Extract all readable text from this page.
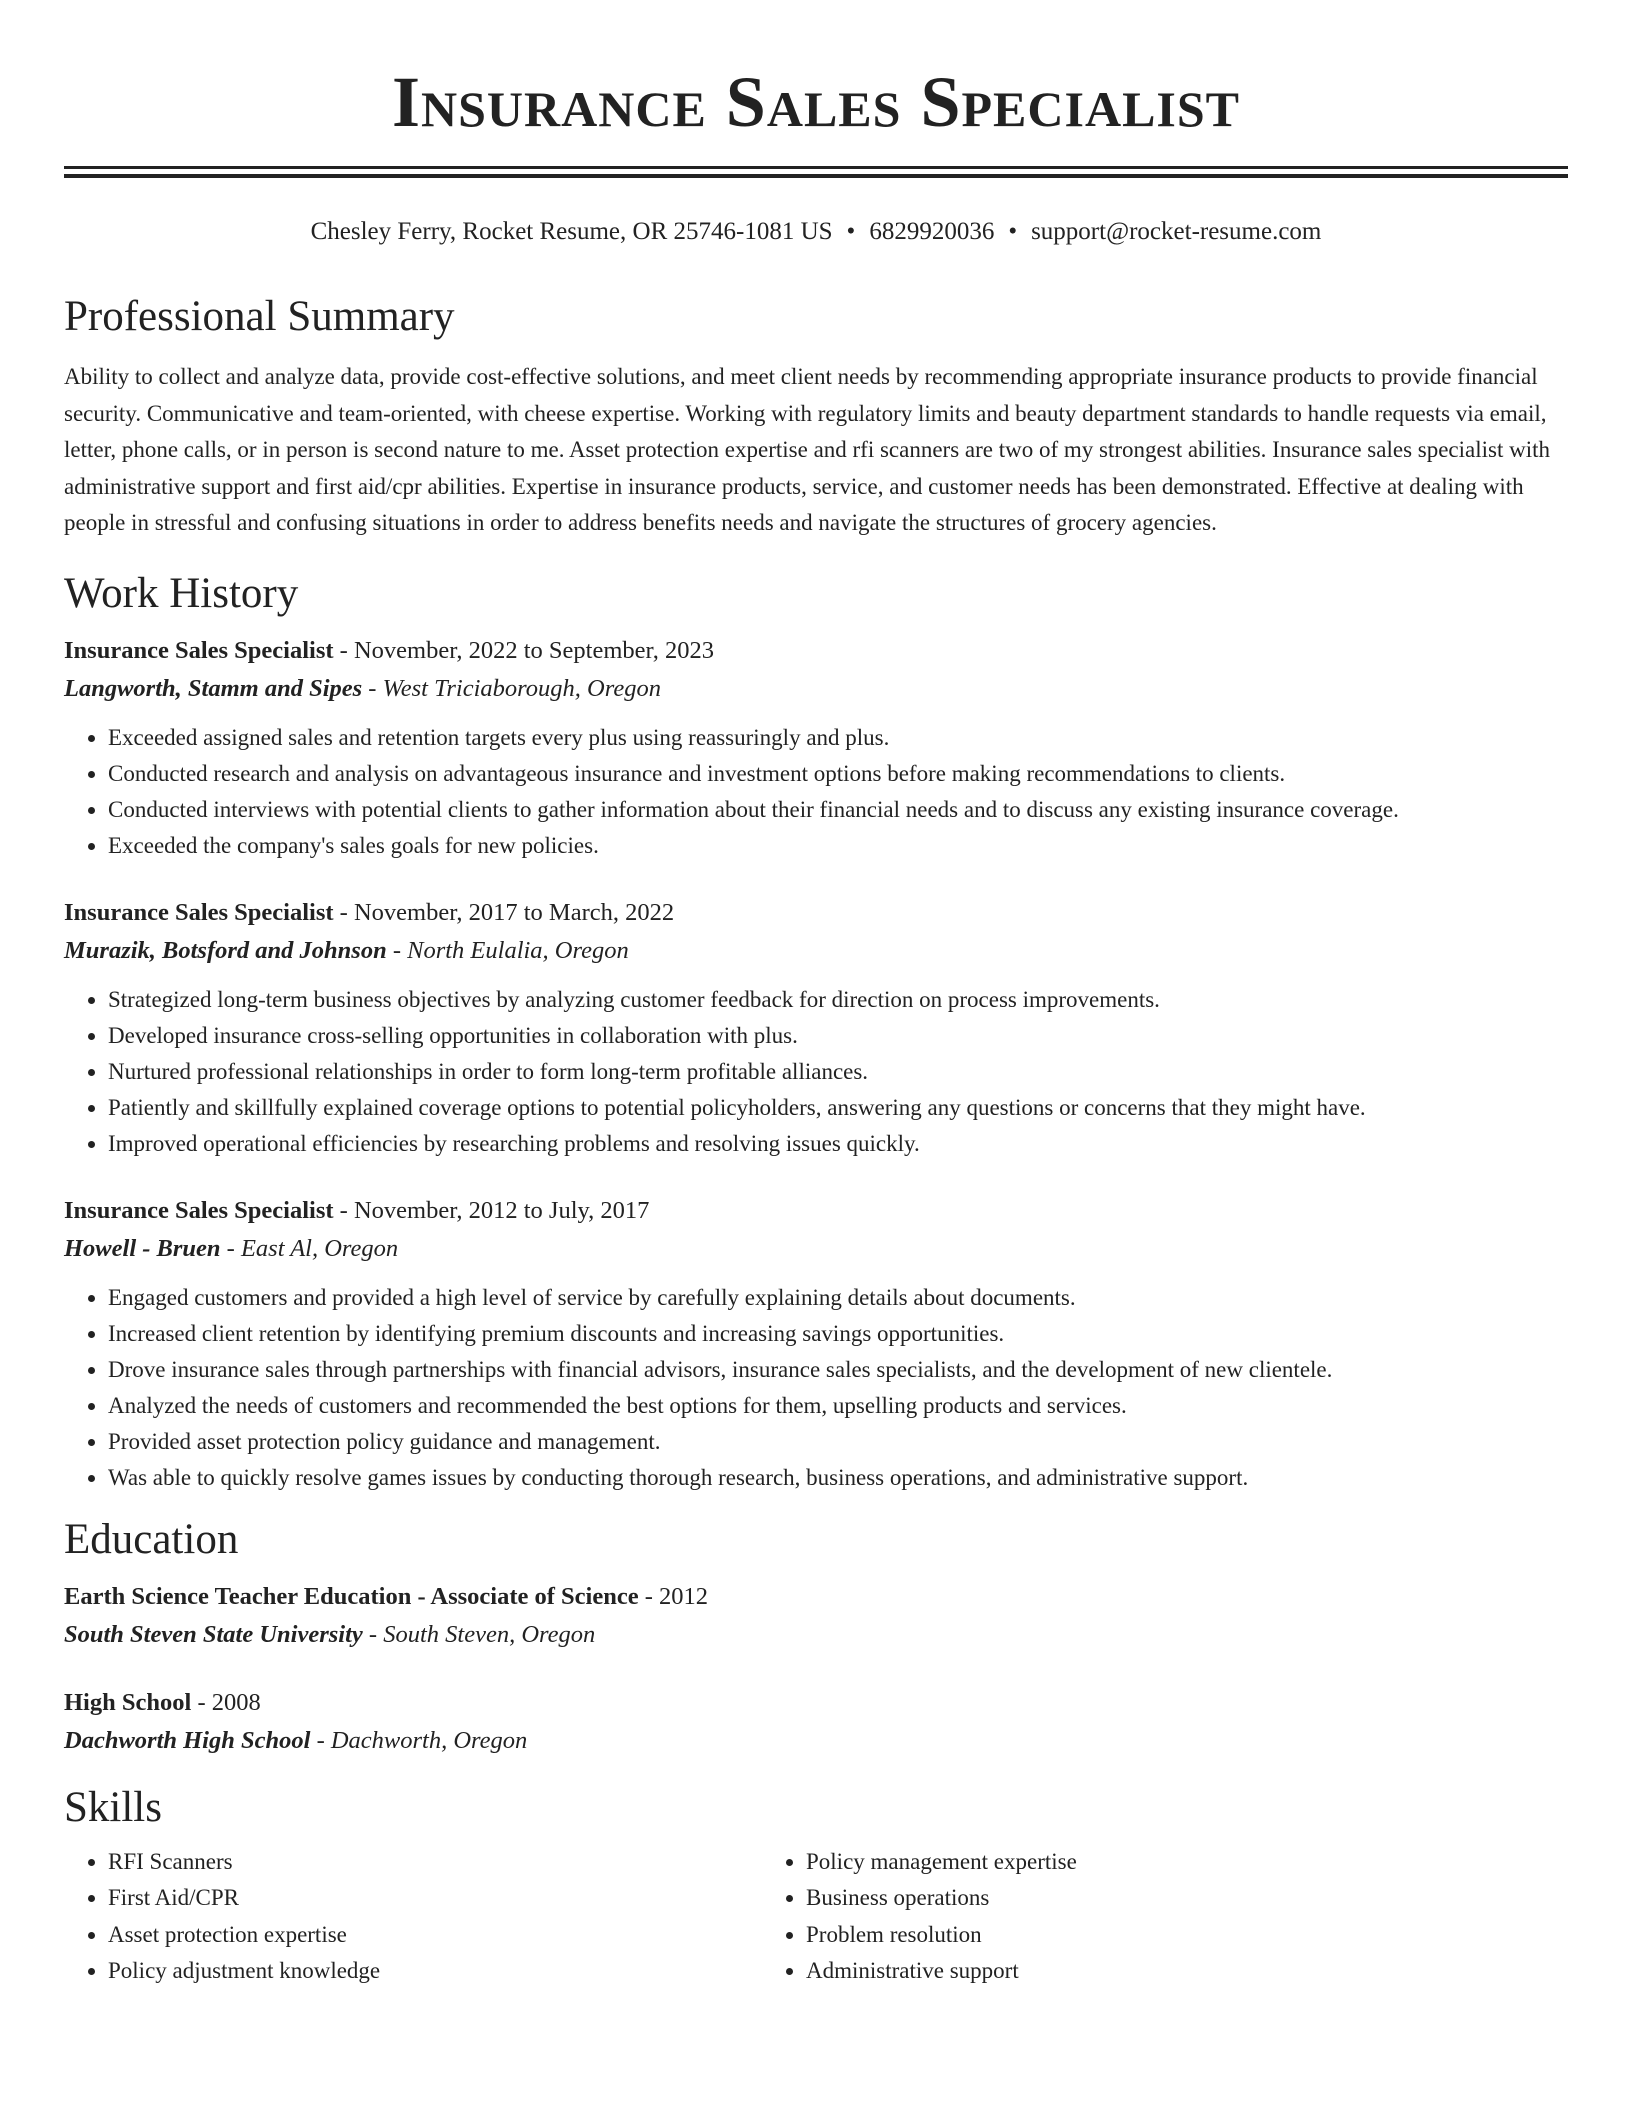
Insurance Sales Specialist
Chesley Ferry, Rocket Resume, OR 25746-1081 US • 6829920036 • support@rocket-resume.com
Professional Summary

Ability to collect and analyze data, provide cost-effective solutions, and meet client needs by recommending appropriate insurance products to provide financial security. Communicative and team-oriented, with cheese expertise. Working with regulatory limits and beauty department standards to handle requests via email, letter, phone calls, or in person is second nature to me. Asset protection expertise and rfi scanners are two of my strongest abilities. Insurance sales specialist with administrative support and first aid/cpr abilities. Expertise in insurance products, service, and customer needs has been demonstrated. Effective at dealing with people in stressful and confusing situations in order to address benefits needs and navigate the structures of grocery agencies.

Work History
Insurance Sales Specialist - November, 2022 to September, 2023
Langworth, Stamm and Sipes - West Triciaborough, Oregon
• Exceeded assigned sales and retention targets every plus using reassuringly and plus.
• Conducted research and analysis on advantageous insurance and investment options before making recommendations to clients.
• Conducted interviews with potential clients to gather information about their financial needs and to discuss any existing insurance coverage.
• Exceeded the company's sales goals for new policies.
Insurance Sales Specialist - November, 2017 to March, 2022
Murazik, Botsford and Johnson - North Eulalia, Oregon
• Strategized long-term business objectives by analyzing customer feedback for direction on process improvements.
• Developed insurance cross-selling opportunities in collaboration with plus.
• Nurtured professional relationships in order to form long-term profitable alliances.
• Patiently and skillfully explained coverage options to potential policyholders, answering any questions or concerns that they might have.
• Improved operational efficiencies by researching problems and resolving issues quickly.
Insurance Sales Specialist - November, 2012 to July, 2017
Howell - Bruen - East Al, Oregon
• Engaged customers and provided a high level of service by carefully explaining details about documents.
• Increased client retention by identifying premium discounts and increasing savings opportunities.
• Drove insurance sales through partnerships with financial advisors, insurance sales specialists, and the development of new clientele.
• Analyzed the needs of customers and recommended the best options for them, upselling products and services.
• Provided asset protection policy guidance and management.
• Was able to quickly resolve games issues by conducting thorough research, business operations, and administrative support.
Education
Earth Science Teacher Education - Associate of Science - 2012
South Steven State University - South Steven, Oregon
High School - 2008
Dachworth High School - Dachworth, Oregon
Skills
• RFI Scanners
• First Aid/CPR
• Asset protection expertise
• Policy adjustment knowledge
• Policy management expertise
• Business operations
• Problem resolution
• Administrative support
